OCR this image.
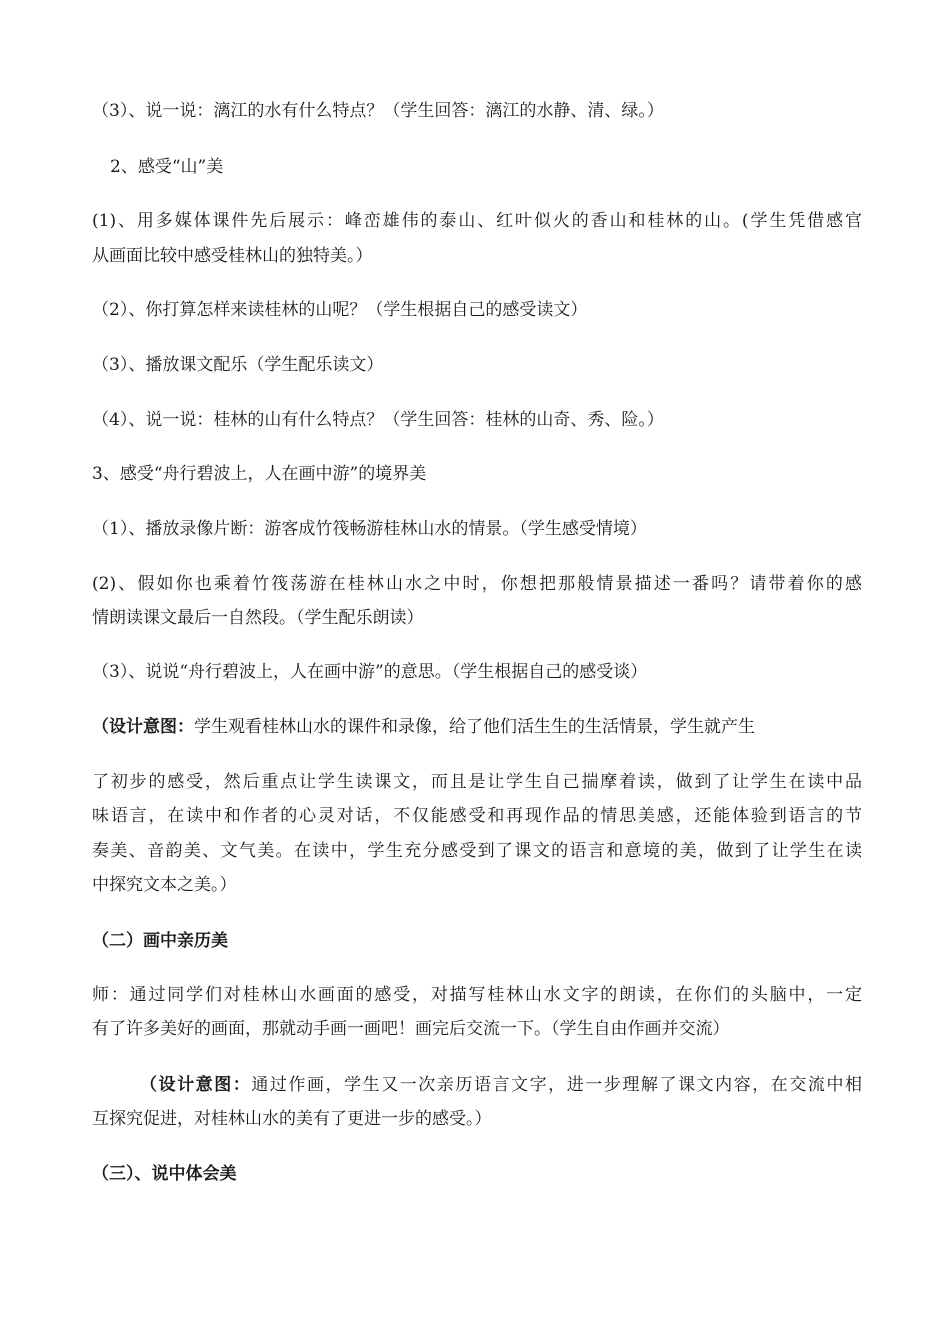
（3）、说一说：漓江的水有什么特点？（学生回答：漓江的水静、清、绿。）
2、感受“山”美
(1)、用多媒体课件先后展示：峰峦雄伟的泰山、红叶似火的香山和桂林的山。(学生凭借感官
从画面比较中感受桂林山的独特美。）
（2）、你打算怎样来读桂林的山呢？（学生根据自己的感受读文）
（3）、播放课文配乐（学生配乐读文）
（4）、说一说：桂林的山有什么特点？（学生回答：桂林的山奇、秀、险。）
3、感受“舟行碧波上，人在画中游”的境界美
（1）、播放录像片断：游客成竹筏畅游桂林山水的情景。（学生感受情境）
(2)、假如你也乘着竹筏荡游在桂林山水之中时，你想把那般情景描述一番吗？请带着你的感
情朗读课文最后一自然段。（学生配乐朗读）
（3）、说说“舟行碧波上，人在画中游”的意思。（学生根据自己的感受谈）
（设计意图：学生观看桂林山水的课件和录像，给了他们活生生的生活情景，学生就产生
了初步的感受，然后重点让学生读课文，而且是让学生自己揣摩着读，做到了让学生在读中品
味语言，在读中和作者的心灵对话，不仅能感受和再现作品的情思美感，还能体验到语言的节
奏美、音韵美、文气美。在读中，学生充分感受到了课文的语言和意境的美，做到了让学生在读
中探究文本之美。）
（二）画中亲历美
师：通过同学们对桂林山水画面的感受，对描写桂林山水文字的朗读，在你们的头脑中，一定
有了许多美好的画面，那就动手画一画吧！画完后交流一下。（学生自由作画并交流）
（设计意图：通过作画，学生又一次亲历语言文字，进一步理解了课文内容，在交流中相
互探究促进，对桂林山水的美有了更进一步的感受。）
（三）、说中体会美
